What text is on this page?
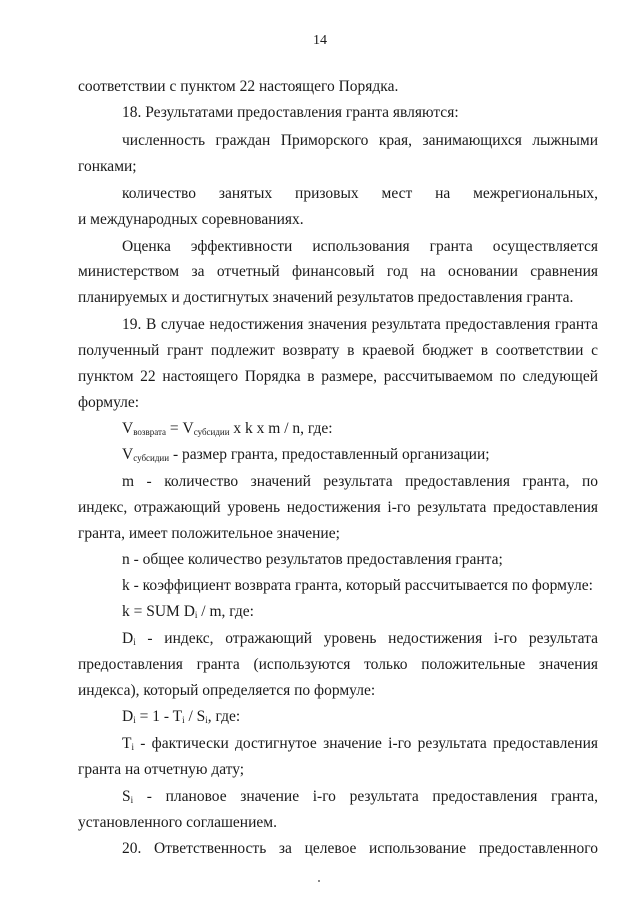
14
соответствии с пунктом 22 настоящего Порядка.
18. Результатами предоставления гранта являются:
численность граждан Приморского края, занимающихся лыжными
гонками;
количество занятых призовых мест на межрегиональных,
и международных соревнованиях.
Оценка эффективности использования гранта осуществляется
министерством за отчетный финансовый год на основании сравнения
планируемых и достигнутых значений результатов предоставления гранта.
19. В случае недостижения значения результата предоставления гранта
полученный грант подлежит возврату в краевой бюджет в соответствии с
пунктом 22 настоящего Порядка в размере, рассчитываемом по следующей
формуле:
$V_{возврата} = V_{субсидии}$ x k x m / n, где:
$V_{субсидии}$ - размер гранта, предоставленный организации;
m - количество значений результата предоставления гранта, по
индекс, отражающий уровень недостижения i-го результата предоставления
гранта, имеет положительное значение;
n - общее количество результатов предоставления гранта;
k - коэффициент возврата гранта, который рассчитывается по формуле:
k = SUM $D_i$ / m, где:
$D_i$ - индекс, отражающий уровень недостижения i-го результата
предоставления гранта (используются только положительные значения
индекса), который определяется по формуле:
$D_i = 1 - T_i / S_i$, где:
$T_i$ - фактически достигнутое значение i-го результата предоставления
гранта на отчетную дату;
$S_i$ - плановое значение i-го результата предоставления гранта,
установленного соглашением.
20. Ответственность за целевое использование предоставленного
